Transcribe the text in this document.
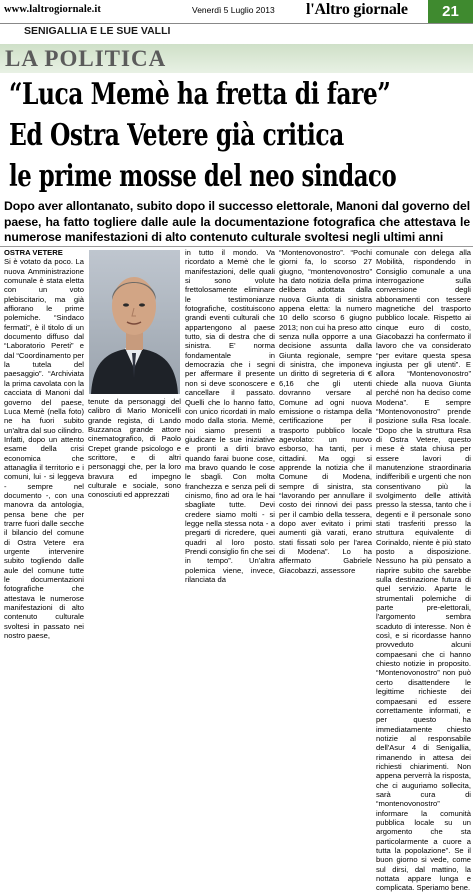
www.laltrogiornale.it	Venerdì 5 Luglio 2013 l'Altro giornale	21
SENIGALLIA E LE SUE VALLI
LA POLITICA
“Luca Memè ha fretta di fare”
Ed Ostra Vetere già critica
le prime mosse del neo sindaco
Dopo aver allontanato, subito dopo il successo elettorale, Manoni dal governo del paese, ha fatto togliere dalle aule la documentazione fotografica che attestava le numerose manifestazioni di alto contenuto culturale svoltesi negli ultimi anni
OSTRA VETERE
Si è votato da poco. La nuova Amministrazione comunale è stata eletta con un voto plebiscitario, ma già affiorano le prime polemiche. “Sindaco fermati”, è il titolo di un documento diffuso dal “Laboratorio Pereti” e dal “Coordinamento per la tutela del paesaggio”. “Archiviata la prima cavolata con la cacciata di Manoni dal governo del paese, Luca Memè (nella foto) ne ha fuori subito un'altra dal suo cilindro. Infatti, dopo un attento esame della crisi economica che attanaglia il territorio e i comuni, lui - si leggeva - sempre nel documento -, con una manovra da antologia, pensa bene che per trarre fuori dalle secche il bilancio del comune di Ostra Vetere era urgente intervenire subito togliendo dalle aule del comune tutte le documentazioni fotografiche che attestava le numerose manifestazioni di alto contenuto culturale svoltesi in passato nei nostro paese,
tenute da personaggi del calibro di Mario Monicelli grande regista, di Lando Buzzanca grande attore cinematografico, di Paolo Crepet grande psicologo e scrittore, e di altri personaggi che, per la loro bravura ed impegno culturale e sociale, sono conosciuti ed apprezzati
in tutto il mondo. Va ricordato a Memè che le manifestazioni, delle quali si sono volute frettolosamente eliminare le testimonianze fotografiche, costituiscono grandi eventi culturali che appartengono al paese tutto, sia di destra che di sinistra. E' norma fondamentale in democrazia che i segni per affermare il presente non si deve sconoscere e cancellare il passato. Quelli che lo hanno fatto, con unico ricordati in malo modo dalla storia. Memè, noi siamo presenti a giudicare le sue iniziative e pronti a dirti bravo quando farai buone cose, ma bravo quando le cose le sbagli. Con molta franchezza e senza peli di cinismo, fino ad ora le hai sbagliate tutte. Devi credere siamo molti - si legge nella stessa nota - a pregarti di ricredere, quei quadri al loro posto. Prendi consiglio fin che sei in tempo”. Un'altra polemica viene, invece, rilanciata da
“Montenovonostro”. “Pochi giorni fa, lo scorso 27 giugno, “montenovonostro” ha dato notizia della prima delibera adottata dalla nuova Giunta di sinistra appena eletta: la numero 10 dello scorso 6 giugno 2013; non cui ha preso atto senza nulla opporre a una decisione assunta dalla Giunta regionale, sempre di sinistra, che imponeva un diritto di segreteria di € 6,16 che gli utenti dovranno versare al Comune ad ogni nuova emissione o ristampa della certificazione per il trasporto pubblico locale agevolato: un nuovo esborso, ha tanti, per i cittadini. Ma oggi si apprende la notizia che il Comune di Modena, sempre di sinistra, sta “lavorando per annullare il costo dei rinnovi dei pass per il cambio della tessera, dopo aver evitato i primi aumenti già varati, erano stati fissati solo per l'area di Modena”. Lo ha affermato Gabriele Giacobazzi, assessore
comunale con delega alla Mobilità, rispondendo in Consiglio comunale a una interrogazione sulla conversione degli abbonamenti con tessere magnetiche del trasporto pubblico locale. Rispetto ai cinque euro di costo, Giacobazzi ha confermato il lavoro che va considerato “per evitare questa spesa ingiusta per gli utenti”. E allora “Montenovonostro” chiede alla nuova Giunta perché non ha deciso come Modena”. E sempre “Montenovonostro” prende posizione sulla Rsa locale. “Dopo che la struttura Rsa di Ostra Vetere, questo mese è stata chiusa per essere lavori di manutenzione straordinaria indifferibili e urgenti che non consentivano più la svolgimento delle attività presso la stessa, tanto che i degenti e il personale sono stati trasferiti presso la struttura equivalente di Corinaldo, niente è più stato posto a disposizione. Nessuno ha più pensato a riaprire subito che sarebbe sulla destinazione futura di quel servizio. Aparte le strumentali polemiche di parte pre-elettorali, l'argomento sembra scaduto di interesse. Non è così, e si ricordasse hanno provveduto alcuni compaesani che ci hanno chiesto notizie in proposito. “Montenovonostro” non può certo disattendere le legittime richieste dei compaesani ed essere correttamente informati, e per questo ha immediatamente chiesto notizie al responsabile dell'Asur 4 di Senigallia, rimanendo in attesa dei richiesti chiarimenti. Non appena perverrà la risposta, che ci auguriamo sollecita, sarà cura di “montenovonostro” informare la comunità pubblica locale su un argomento che sta particolarmente a cuore a tutta la popolazione”. Se il buon giorno si vede, come sul dirsi, dal mattino, la nottata appare lunga e complicata. Speriamo bene.
